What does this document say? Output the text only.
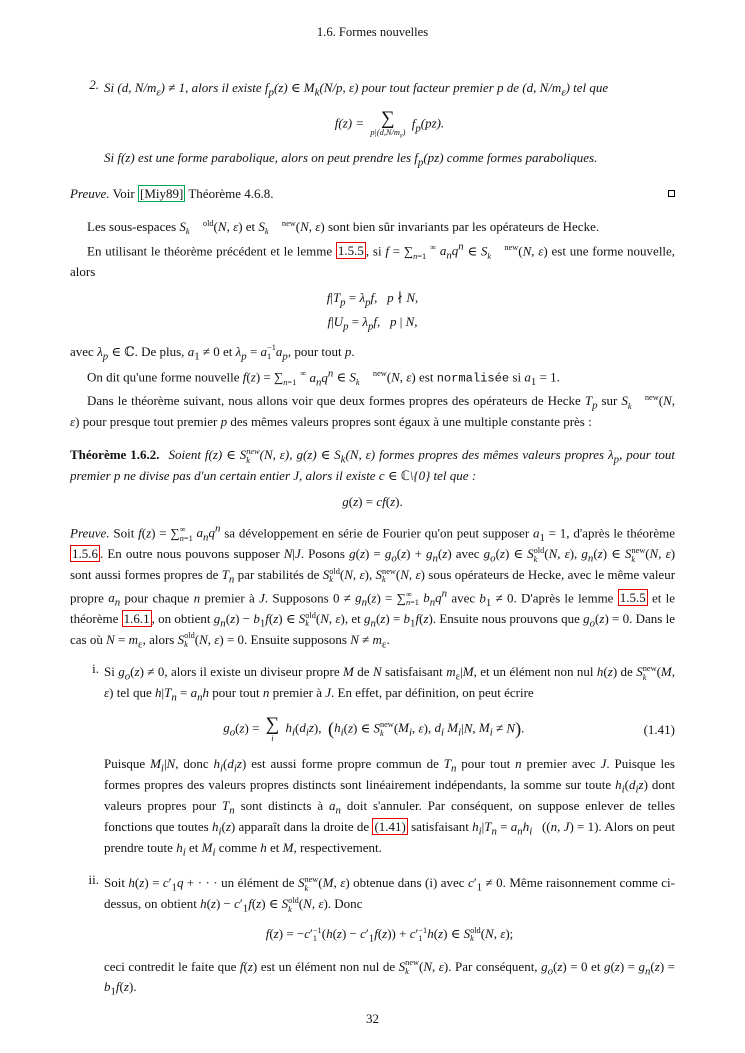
1.6. Formes nouvelles
2. Si (d, $N/m_\varepsilon) \ne 1$, alors il existe $f_p(z)$ ∈ $M_k(N/p$, ε) pour tout facteur premier p de (d, $N/m_\varepsilon$) tel que
f(z) = ∑
$p|(d,N/m_\varepsilon)$
$f_p(pz)$.
Si f(z) est une forme parabolique, alors on peut prendre les $f_p(pz)$ comme formes paraboliques.
Preuve. Voir [Miy89] Théorème 4.6.8.
Les sous-espaces S old
k (N, ε) et S new
k (N, ε) sont bien sûr invariants par les opérateurs de Hecke.
En utilisant le théorème précédent et le lemme 1.5.5 , si f = ∑ ∞
n=1 $a_nq^n$ ∈ S new
k (N, ε) est une forme nouvelle, alors
$f|T_p = \lambda_pf$,   p ∤ N,
$f|U_p = \lambda_pf$,   p | N,
avec $\lambda_p$ ∈ ℂ. De plus, $a_1 \ne 0$ et $\lambda_p = a-1$
1 $a_p$, pour tout p.
On dit qu'une forme nouvelle f(z) = ∑ ∞
n=1 $a_nq^n$ ∈ S new
k (N, ε) est normalisée si $a_1 = 1$.
Dans le théorème suivant, nous allons voir que deux formes propres des opérateurs de Hecke $T_p$ sur S new
k (N, ε) pour presque tout premier p des mêmes valeurs propres sont égaux à une multiple constante près :
Théorème 1.6.2. Soient f(z) ∈ Snew
k (N, ε), g(z) ∈ $S_k(N$, ε) formes propres des mêmes valeurs propres $\lambda_p$, pour tout premier p ne divise pas d'un certain entier J, alors il existe c ∈ ℂ\{0} tel que :
g(z) = cf(z).
Preuve. Soit f(z) = ∑∞
n=1 $a_nq^n$ sa développement en série de Fourier qu'on peut supposer $a_1 = 1$, d'après le théorème 1.5.6 . En outre nous pouvons supposer N|J. Posons $g(z) = g_o(z) + g_n(z)$ avec $g_o(z)$ ∈ Sold
k (N, ε), $g_n(z)$ ∈ Snew
k (N, ε) sont aussi formes propres de $T_n$ par stabilités de Sold
k (N, ε), Snew
k (N, ε) sous opérateurs de Hecke, avec le même valeur propre $a_n$ pour chaque n premier à J. Supposons $0 \ne g_n(z)$ = ∑∞
n=1 $b_nq^n$ avec $b_1 \ne 0$. D'après le lemme 1.5.5 et le théorème 1.6.1 , on obtient $g_n(z) - b_1f(z)$ ∈ Sold
k (N, ε), et $g_n(z) = b_1f(z)$. Ensuite nous prouvons que $g_o(z) = 0$. Dans le cas où $N = m_\varepsilon$, alors Sold
k (N, ε) = 0. Ensuite supposons $N \ne m_\varepsilon$.
i. Si $g_o(z) \ne 0$, alors il existe un diviseur propre M de N satisfaisant $m_\varepsilon|M$, et un élément non nul h(z) de Snew
k (M, ε) tel que $h|T_n = a_nh$ pour tout n premier à J. En effet, par définition, on peut écrire
$g_o(z)$ = ∑
i
$h_i(d_iz)$,  ($h_i(z)$ ∈ Snew
k ($M_i$, ε), $d_i$ $M_i|N$, $M_i \ne N$).	(1.41)
Puisque $M_i|N$, donc $h_i(d_iz)$ est aussi forme propre commun de $T_n$ pour tout n premier avec J. Puisque les formes propres des valeurs propres distincts sont linéairement indépendants, la somme sur toute $h_i(d_iz)$ dont valeurs propres pour $T_n$ sont distincts à $a_n$ doit s'annuler. Par conséquent, on suppose enlever de telles fonctions que toutes $h_i(z)$ apparaît dans la droite de (1.41) satisfaisant $h_i|T_n = a_nh_i$   ((n, J) = 1). Alors on peut prendre toute $h_i$ et $M_i$ comme h et M, respectivement.
ii. Soit $h(z) = c'_1q$ + · · · un élément de Snew
k (M, ε) obtenue dans (i) avec $c'_1 \ne 0$. Même raisonnement comme ci-dessus, on obtient $h(z) - c'_1f(z)$ ∈ Sold
k (N, ε). Donc
f(z) = −c′−1
1 $(h(z) - c'_1f(z)) + c'-1$
1 h(z) ∈ Sold
k (N, ε);
ceci contredit le faite que f(z) est un élément non nul de Snew
k (N, ε). Par conséquent, $g_o(z) = 0$ et $g(z) = g_n(z) = b_1f(z)$.
32
